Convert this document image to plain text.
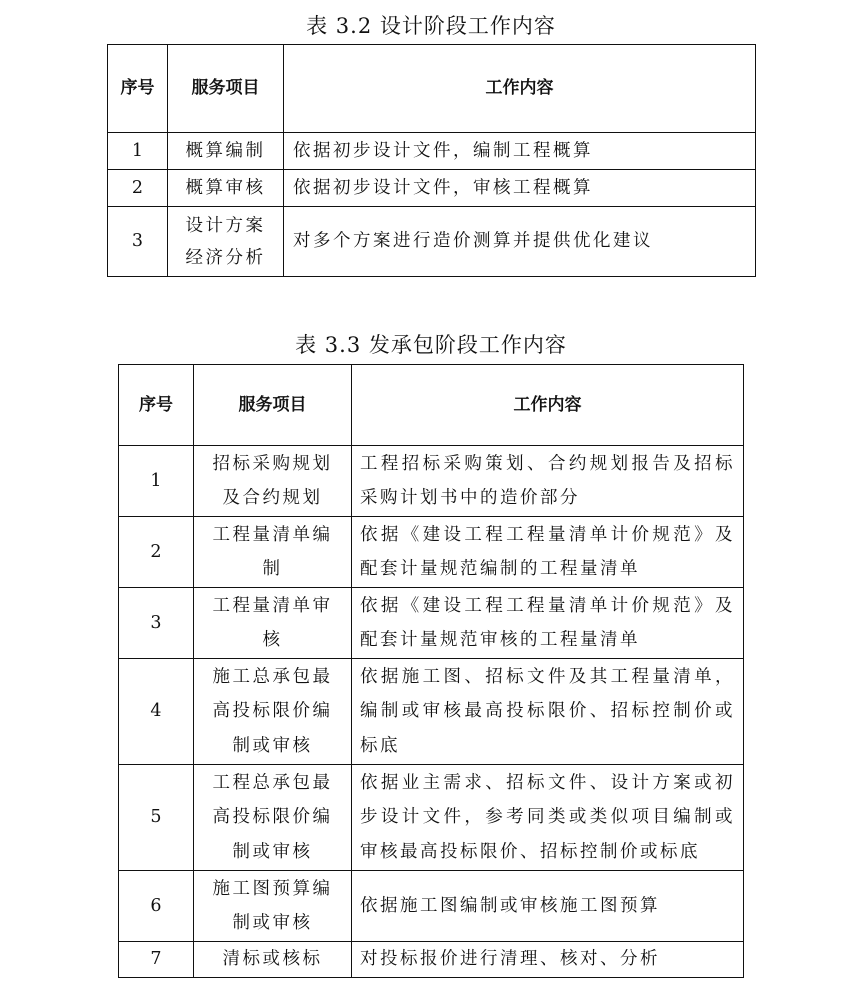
表 3.2 设计阶段工作内容
序号	服务项目	工作内容
1	概算编制	依据初步设计文件，编制工程概算
2	概算审核	依据初步设计文件，审核工程概算
3	设计方案经济分析	对多个方案进行造价测算并提供优化建议
表 3.3 发承包阶段工作内容
序号	服务项目	工作内容
1	招标采购规划及合约规划	工程招标采购策划、合约规划报告及招标采购计划书中的造价部分
2	工程量清单编制	依据《建设工程工程量清单计价规范》及配套计量规范编制的工程量清单
3	工程量清单审核	依据《建设工程工程量清单计价规范》及配套计量规范审核的工程量清单
4	施工总承包最高投标限价编制或审核	依据施工图、招标文件及其工程量清单，编制或审核最高投标限价、招标控制价或标底
5	工程总承包最高投标限价编制或审核	依据业主需求、招标文件、设计方案或初步设计文件，参考同类或类似项目编制或审核最高投标限价、招标控制价或标底
6	施工图预算编制或审核	依据施工图编制或审核施工图预算
7	清标或核标	对投标报价进行清理、核对、分析
